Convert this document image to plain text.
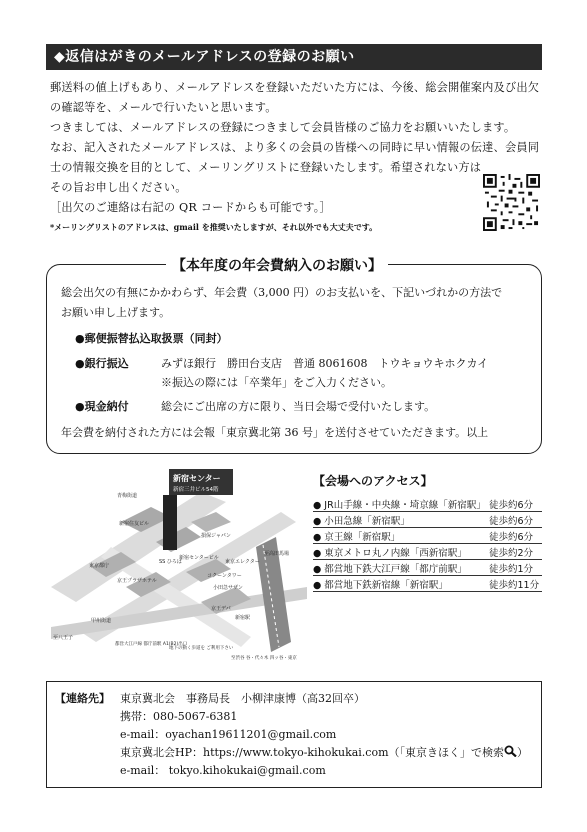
◆返信はがきのメールアドレスの登録のお願い
郵送料の値上げもあり、メールアドレスを登録いただいた方には、今後、総会開催案内及び出欠
の確認等を、メールで行いたいと思います。
つきましては、メールアドレスの登録につきまして会員皆様のご協力をお願いいたします。
なお、記入されたメールアドレスは、より多くの会員の皆様への同時に早い情報の伝達、会員同
士の情報交換を目的として、メーリングリストに登録いたします。希望されない方は
その旨お申し出ください。
［出欠のご連絡は右記の QR コードからも可能です。］
*メーリングリストのアドレスは、gmail を推奨いたしますが、それ以外でも大丈夫です。
【本年度の年会費納入のお願い】
総会出欠の有無にかかわらず、年会費（3,000 円）のお支払いを、下記いづれかの方法で
お願い申し上げます。
●郵便振替払込取扱票（同封）
●銀行振込	みずほ銀行　勝田台支店　普通 8061608　トウキョウキホクカイ
※振込の際には「卒業年」をご入力ください。
●現金納付	総会にご出席の方に限り、当日会場で受付いたします。
年会費を納付された方には会報「東京冀北第 36 号」を送付させていただきます。以上
新宿センター
新宿三井ビル54階
青梅街道
新宿住友ビル
損保ジャパン
新宿センタービル
SS ひろば	東京エレクター
東京都庁
京王プラザホテル
コクーンタワー
小田急サザン
至高田馬場
甲州街道
京王デパ
新宿駅
至八王子
都営大江戸線 都庁前駅 A1(B2)出口
地下の動く歩道を ご利用下さい
至渋谷 谷・代々木 四ッ谷・東京
【会場へのアクセス】
● JR山手線・中央線・埼京線「新宿駅」 徒歩約6分
● 小田急線「新宿駅」	徒歩約6分
● 京王線「新宿駅」	徒歩約6分
● 東京メトロ丸ノ内線「西新宿駅」 徒歩約2分
● 都営地下鉄大江戸線「都庁前駅」 徒歩約1分
● 都営地下鉄新宿線「新宿駅」	徒歩約11分
【連絡先】 東京冀北会　事務局長　小柳津康博（高32回卒）
携帯：080-5067-6381
e-mail：oyachan19611201@gmail.com
東京冀北会HP：https://www.tokyo-kihokukai.com（「東京きほく」で検索 ）
e-mail： tokyo.kihokukai@gmail.com
